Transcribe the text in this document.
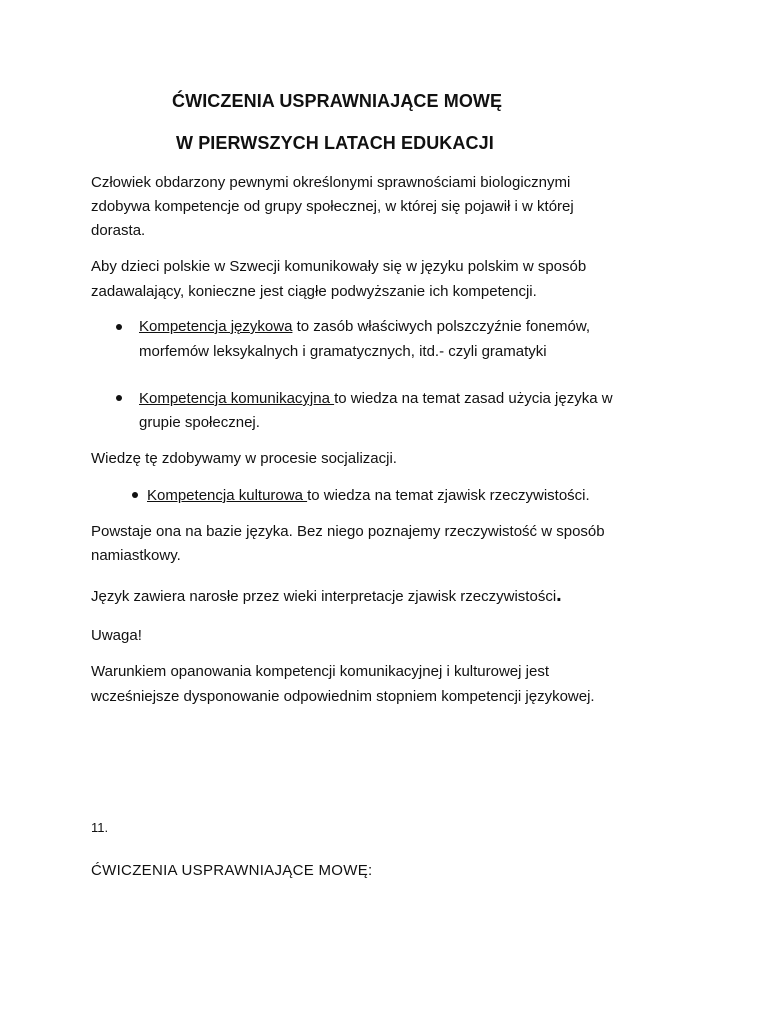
ĆWICZENIA USPRAWNIAJĄCE MOWĘ
W PIERWSZYCH LATACH EDUKACJI
Człowiek obdarzony pewnymi określonymi sprawnościami biologicznymi
zdobywa kompetencje od grupy społecznej, w której się pojawił i w której
dorasta.
Aby dzieci polskie w Szwecji komunikowały się w języku polskim w sposób
zadawalający, konieczne jest ciągłe podwyższanie ich kompetencji.
Kompetencja językowa to zasób właściwych polszczyźnie fonemów,
morfemów leksykalnych i gramatycznych, itd.- czyli gramatyki
Kompetencja komunikacyjna to wiedza na temat zasad użycia języka w
grupie społecznej.
Wiedzę tę zdobywamy w procesie socjalizacji.
Kompetencja kulturowa to wiedza na temat zjawisk rzeczywistości.
Powstaje ona na bazie języka. Bez niego poznajemy rzeczywistość w sposób
namiastkowy.
Język zawiera narosłe przez wieki interpretacje zjawisk rzeczywistości.
Uwaga!
Warunkiem opanowania kompetencji komunikacyjnej i kulturowej jest
wcześniejsze dysponowanie odpowiednim stopniem kompetencji językowej.
11.
ĆWICZENIA USPRAWNIAJĄCE MOWĘ:
